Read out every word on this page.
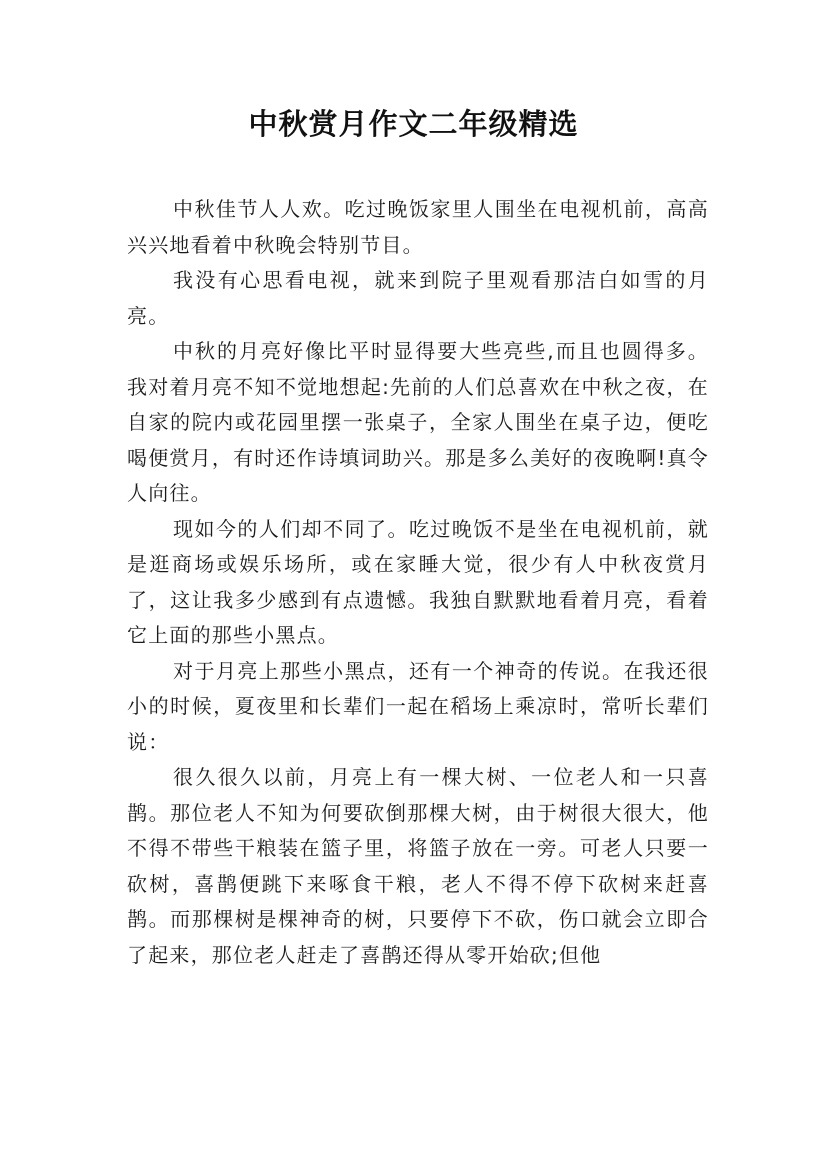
中秋赏月作文二年级精选

中秋佳节人人欢。吃过晚饭家里人围坐在电视机前，高高兴兴地看着中秋晚会特别节目。

我没有心思看电视，就来到院子里观看那洁白如雪的月亮。

中秋的月亮好像比平时显得要大些亮些,而且也圆得多。我对着月亮不知不觉地想起:先前的人们总喜欢在中秋之夜，在自家的院内或花园里摆一张桌子，全家人围坐在桌子边，便吃喝便赏月，有时还作诗填词助兴。那是多么美好的夜晚啊!真令人向往。

现如今的人们却不同了。吃过晚饭不是坐在电视机前，就是逛商场或娱乐场所，或在家睡大觉，很少有人中秋夜赏月了，这让我多少感到有点遗憾。我独自默默地看着月亮，看着它上面的那些小黑点。

对于月亮上那些小黑点，还有一个神奇的传说。在我还很小的时候，夏夜里和长辈们一起在稻场上乘凉时，常听长辈们说：

很久很久以前，月亮上有一棵大树、一位老人和一只喜鹊。那位老人不知为何要砍倒那棵大树，由于树很大很大，他不得不带些干粮装在篮子里，将篮子放在一旁。可老人只要一砍树，喜鹊便跳下来啄食干粮，老人不得不停下砍树来赶喜鹊。而那棵树是棵神奇的树，只要停下不砍，伤口就会立即合了起来，那位老人赶走了喜鹊还得从零开始砍;但他
